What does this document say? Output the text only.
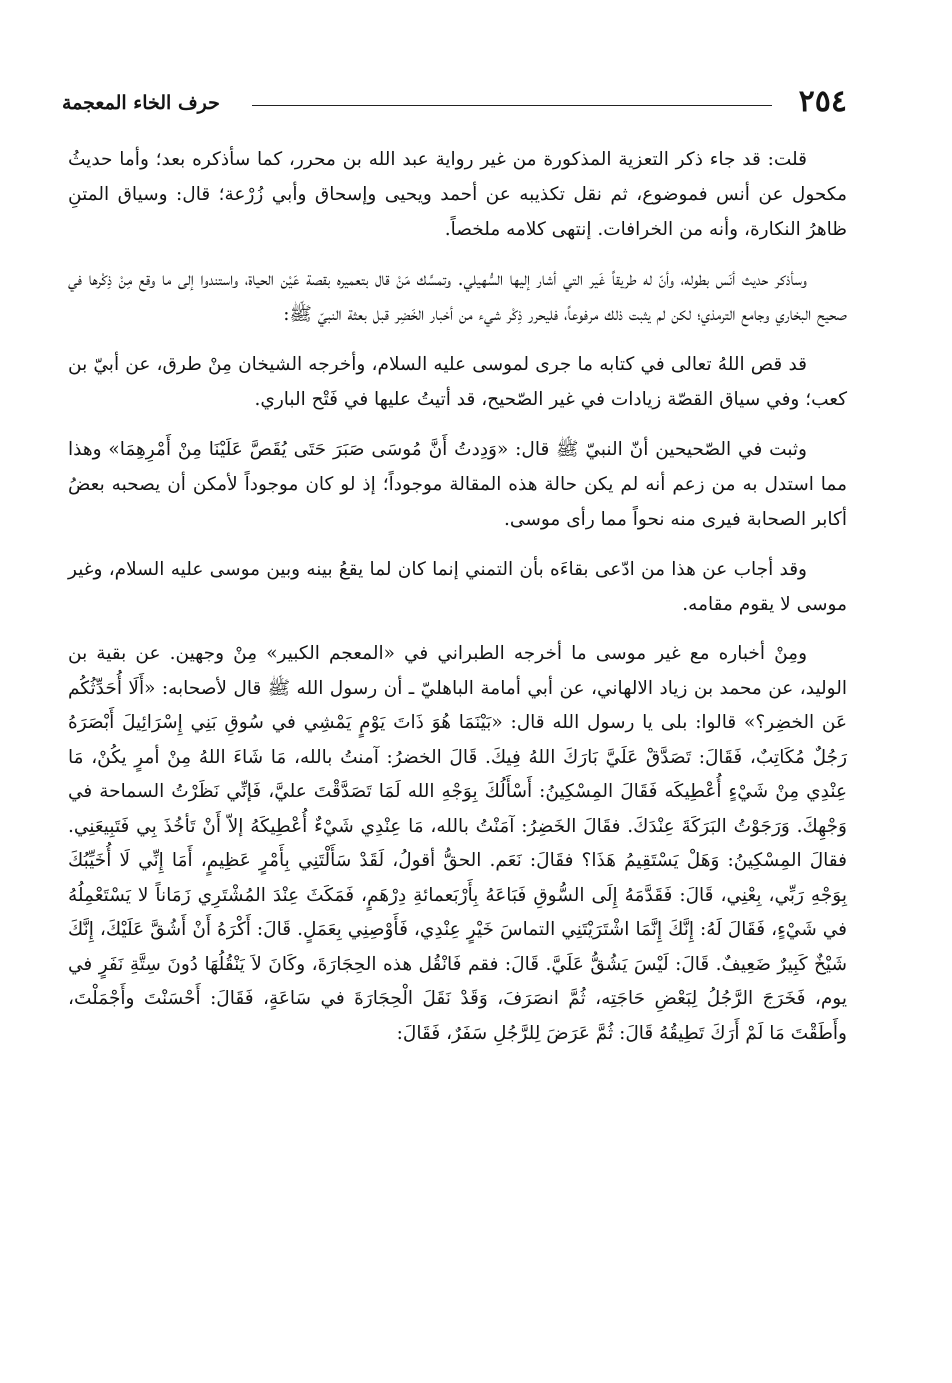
٢٥٤
حرف الخاء المعجمة

قلت: قد جاء ذكر التعزية المذكورة من غير رواية عبد الله بن محرر، كما سأذكره بعد؛ وأما حديثُ مكحول عن أنس فموضوع، ثم نقل تكذيبه عن أحمد ويحيى وإسحاق وأبي زُرْعة؛ قال: وسياق المتنِ ظاهرُ النكارة، وأنه من الخرافات. إنتهى كلامه ملخصاً.

وسأذكر حديث أنَس بطوله، وأنّ له طريقاً غَير التي أشار إليها السُّهيلي. وتمسَّك مَنْ قال بتعميره بقصة عَيْن الحياة، واستندوا إلى ما وقع مِنْ ذِكْرها في صحيح البخاري وجامع الترمذي؛ لكن لم يثبت ذلك مرفوعاً، فليحرر ذِكْر شيء من أخبار الخَضِر قبل بعثة النبيّ ﷺ:

قد قص اللهُ تعالى في كتابه ما جرى لموسى عليه السلام، وأخرجه الشيخان مِنْ طرق، عن أبيّ بن كعب؛ وفي سياق القصّة زيادات في غير الصّحيح، قد أتيتُ عليها في فَتْح الباري.

وثبت في الصّحيحين أنّ النبيّ ﷺ قال: «وَدِدتُ أَنَّ مُوسَى صَبَرَ حَتَى يُقَصَّ عَلَيْنَا مِنْ أَمْرِهِمَا» وهذا مما استدل به من زعم أنه لم يكن حالة هذه المقالة موجوداً؛ إذ لو كان موجوداً لأمكن أن يصحبه بعضُ أكابر الصحابة فيرى منه نحواً مما رأى موسى.

وقد أجاب عن هذا من ادّعى بقاءَه بأن التمني إنما كان لما يقعُ بينه وبين موسى عليه السلام، وغير موسى لا يقوم مقامه.

ومِنْ أخباره مع غير موسى ما أخرجه الطبراني في «المعجم الكبير» مِنْ وجهين. عن بقية بن الوليد، عن محمد بن زياد الالهاني، عن أبي أمامة الباهليّ ـ أن رسول الله ﷺ قال لأصحابه: «أَلَا أُحَدِّثُكُم عَن الخضِر؟» قالوا: بلى يا رسول الله قال: «بَيْنَمَا هُوَ ذَاتَ يَوْمٍ يَمْشِي في سُوقِ بَنِي إِسْرَائِيلَ أَبْصَرَهُ رَجُلٌ مُكَاتِبٌ، فَقَالَ: تَصَدَّقْ عَلَيَّ بَارَكَ اللهُ فِيكَ. قَالَ الخضرُ: آمنتُ بالله، مَا شَاءَ اللهُ مِنْ أمرٍ يكُنْ، مَا عِنْدِي مِنْ شَيْءٍ أُعْطِيكَه فَقَالَ المِسْكِينُ: أَسْأَلُكَ بِوَجْهِ الله لَمَا تَصَدَّقْتَ عليَّ، فَإنِّي نَظَرْتُ السماحة في وَجْهِكَ. وَرَجَوْتُ البَرَكَةَ عِنْدَكَ. فقَالَ الخَضِرُ: آمَنْتُ بالله، مَا عِنْدِي شَيْءٌ أُعْطِيكَهُ إلاّ أَنْ تَأخُذَ بِي فَتَبِيعَنِي. فقالَ المِسْكِينُ: وَهَلْ يَسْتَقِيمُ هَذَا؟ فقَالَ: نَعَم. الحقُّ أقولُ، لَقَدْ سَأَلْتَنِي بِأَمْرٍ عَظِيمٍ، أَمَا إِنِّي لَا أُخَيِّبُكَ بِوَجْهِ رَبِّي، بِعْنِي، قَالَ: فَقَدَّمَهُ إِلَى السُّوقِ فَبَاعَهُ بِأَرْبَعمائةِ دِرْهَمٍ، فَمَكَثَ عِنْدَ المُشْتَرِي زَمَاناً لا يَسْتَعْمِلُهُ في شَيْءٍ، فَقَالَ لَهُ: إِنَّكَ إِنَّمَا اشْتَرَيْتَنِي التماسَ خَيْرٍ عِنْدِي، فَأَوْصِنِي بِعَمَلٍ. قَالَ: أَكْرَهُ أَنْ أَشُقَّ عَلَيْكَ، إِنَّكَ شَيْخٌ كَبِيرٌ ضَعِيفٌ. قَالَ: لَيْسَ يَشُقُّ عَلَيَّ. قَالَ: فقم فَانْقُل هذه الحِجَارَةَ، وكَانَ لاَ يَنْقُلُهَا دُونَ سِتَّةِ نَفَرٍ في يوم، فَخَرَجَ الرَّجُلُ لِبَعْضِ حَاجَتِه، ثُمَّ انصَرَفَ، وَقَدْ نَقَلَ الْحِجَارَةَ في سَاعَةٍ، فَقَالَ: أَحْسَنْتَ وأَجْمَلْتَ، وأَطَقْتَ مَا لَمْ أَرَكَ تَطِيقُهُ قَالَ: ثُمَّ عَرَضَ لِلرَّجُلِ سَفَرٌ، فَقَالَ:
